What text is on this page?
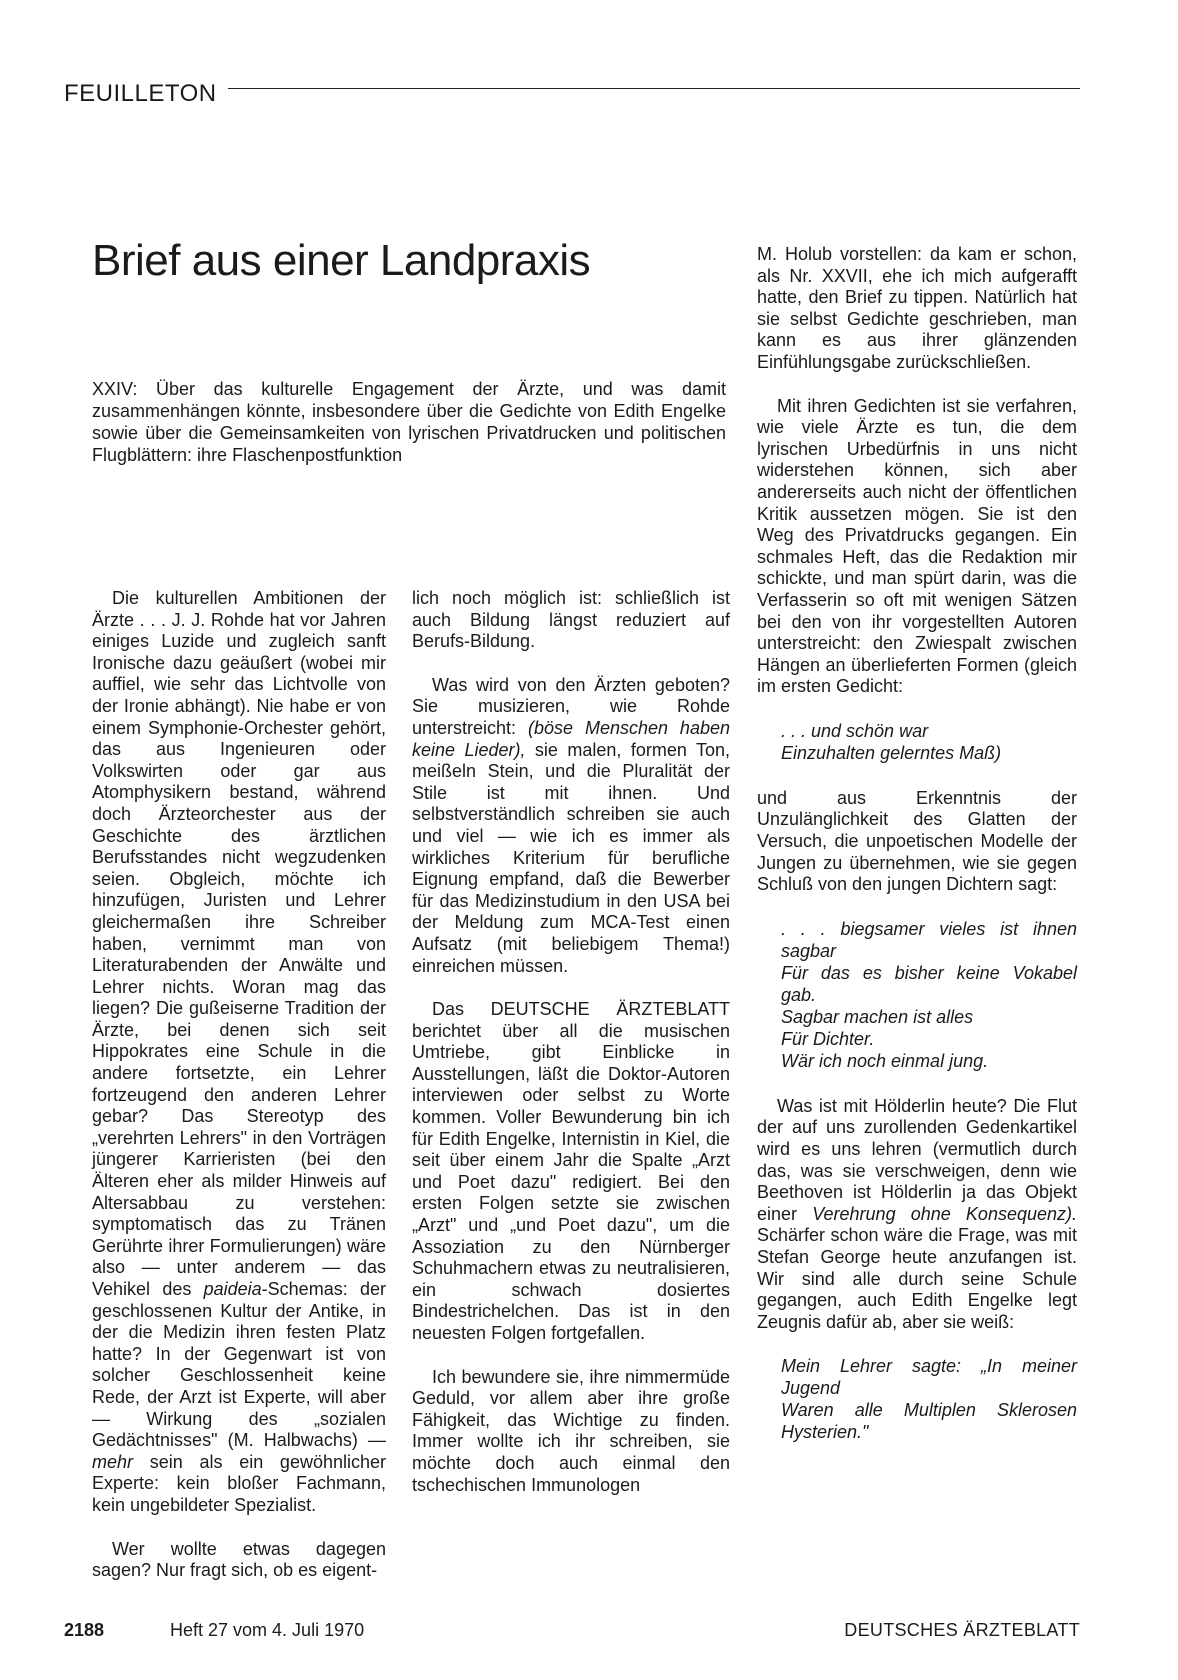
FEUILLETON
Brief aus einer Landpraxis
XXIV: Über das kulturelle Engagement der Ärzte, und was damit zusammenhängen könnte, insbesondere über die Gedichte von Edith Engelke sowie über die Gemeinsamkeiten von lyrischen Privatdrucken und politischen Flugblättern: ihre Flaschenpostfunktion

Die kulturellen Ambitionen der Ärzte . . . J. J. Rohde hat vor Jahren einiges Luzide und zugleich sanft Ironische dazu geäußert (wobei mir auffiel, wie sehr das Lichtvolle von der Ironie abhängt). Nie habe er von einem Symphonie-Orchester gehört, das aus Ingenieuren oder Volkswirten oder gar aus Atomphysikern bestand, während doch Ärzteorchester aus der Geschichte des ärztlichen Berufsstandes nicht wegzudenken seien. Obgleich, möchte ich hinzufügen, Juristen und Lehrer gleichermaßen ihre Schreiber haben, vernimmt man von Literaturabenden der Anwälte und Lehrer nichts. Woran mag das liegen? Die gußeiserne Tradition der Ärzte, bei denen sich seit Hippokrates eine Schule in die andere fortsetzte, ein Lehrer fortzeugend den anderen Lehrer gebar? Das Stereotyp des „verehrten Lehrers" in den Vorträgen jüngerer Karrieristen (bei den Älteren eher als milder Hinweis auf Altersabbau zu verstehen: symptomatisch das zu Tränen Gerührte ihrer Formulierungen) wäre also — unter anderem — das Vehikel des paideia-Schemas: der geschlossenen Kultur der Antike, in der die Medizin ihren festen Platz hatte? In der Gegenwart ist von solcher Geschlossenheit keine Rede, der Arzt ist Experte, will aber — Wirkung des „sozialen Gedächtnisses" (M. Halbwachs) — mehr sein als ein gewöhnlicher Experte: kein bloßer Fachmann, kein ungebildeter Spezialist.

Wer wollte etwas dagegen sagen? Nur fragt sich, ob es eigent-

lich noch möglich ist: schließlich ist auch Bildung längst reduziert auf Berufs-Bildung.

Was wird von den Ärzten geboten? Sie musizieren, wie Rohde unterstreicht: (böse Menschen haben keine Lieder), sie malen, formen Ton, meißeln Stein, und die Pluralität der Stile ist mit ihnen. Und selbstverständlich schreiben sie auch und viel — wie ich es immer als wirkliches Kriterium für berufliche Eignung empfand, daß die Bewerber für das Medizinstudium in den USA bei der Meldung zum MCA-Test einen Aufsatz (mit beliebigem Thema!) einreichen müssen.

Das DEUTSCHE ÄRZTEBLATT berichtet über all die musischen Umtriebe, gibt Einblicke in Ausstellungen, läßt die Doktor-Autoren interviewen oder selbst zu Worte kommen. Voller Bewunderung bin ich für Edith Engelke, Internistin in Kiel, die seit über einem Jahr die Spalte „Arzt und Poet dazu" redigiert. Bei den ersten Folgen setzte sie zwischen „Arzt" und „und Poet dazu", um die Assoziation zu den Nürnberger Schuhmachern etwas zu neutralisieren, ein schwach dosiertes Bindestrichelchen. Das ist in den neuesten Folgen fortgefallen.

Ich bewundere sie, ihre nimmermüde Geduld, vor allem aber ihre große Fähigkeit, das Wichtige zu finden. Immer wollte ich ihr schreiben, sie möchte doch auch einmal den tschechischen Immunologen

M. Holub vorstellen: da kam er schon, als Nr. XXVII, ehe ich mich aufgerafft hatte, den Brief zu tippen. Natürlich hat sie selbst Gedichte geschrieben, man kann es aus ihrer glänzenden Einfühlungsgabe zurückschließen.

Mit ihren Gedichten ist sie verfahren, wie viele Ärzte es tun, die dem lyrischen Urbedürfnis in uns nicht widerstehen können, sich aber andererseits auch nicht der öffentlichen Kritik aussetzen mögen. Sie ist den Weg des Privatdrucks gegangen. Ein schmales Heft, das die Redaktion mir schickte, und man spürt darin, was die Verfasserin so oft mit wenigen Sätzen bei den von ihr vorgestellten Autoren unterstreicht: den Zwiespalt zwischen Hängen an überlieferten Formen (gleich im ersten Gedicht:

. . . und schön war
Einzuhalten gelerntes Maß)

und aus Erkenntnis der Unzulänglichkeit des Glatten der Versuch, die unpoetischen Modelle der Jungen zu übernehmen, wie sie gegen Schluß von den jungen Dichtern sagt:

. . . biegsamer vieles ist ihnen sagbar
Für das es bisher keine Vokabel gab.
Sagbar machen ist alles
Für Dichter.
Wär ich noch einmal jung.

Was ist mit Hölderlin heute? Die Flut der auf uns zurollenden Gedenkartikel wird es uns lehren (vermutlich durch das, was sie verschweigen, denn wie Beethoven ist Hölderlin ja das Objekt einer Verehrung ohne Konsequenz). Schärfer schon wäre die Frage, was mit Stefan George heute anzufangen ist. Wir sind alle durch seine Schule gegangen, auch Edith Engelke legt Zeugnis dafür ab, aber sie weiß:

Mein Lehrer sagte: „In meiner Jugend
Waren alle Multiplen Sklerosen Hysterien."
2188	Heft 27 vom 4. Juli 1970	DEUTSCHES ÄRZTEBLATT
